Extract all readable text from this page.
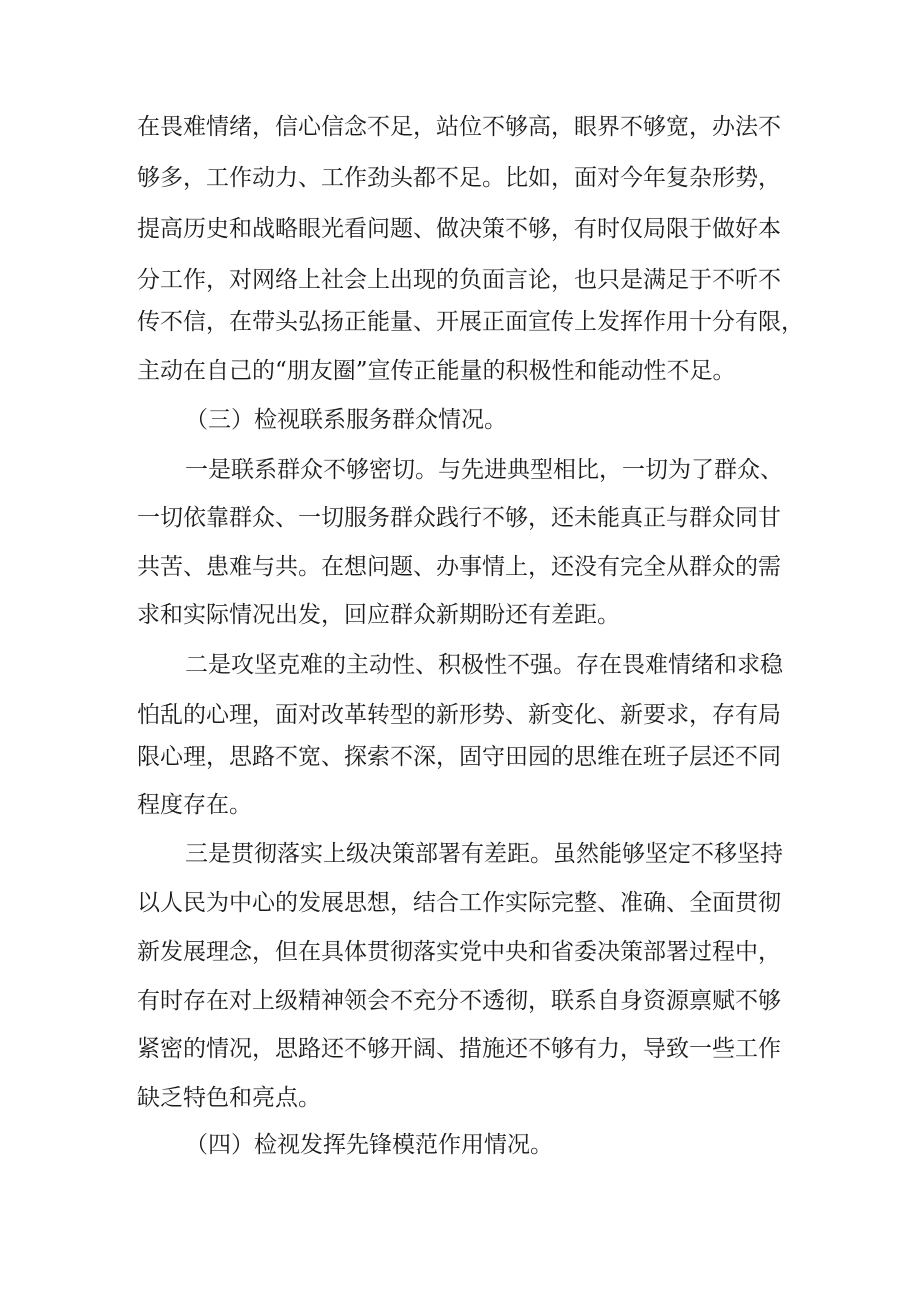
在畏难情绪，信心信念不足，站位不够高，眼界不够宽，办法不
够多，工作动力、工作劲头都不足。比如，面对今年复杂形势，
提高历史和战略眼光看问题、做决策不够，有时仅局限于做好本
分工作，对网络上社会上出现的负面言论，也只是满足于不听不
传不信，在带头弘扬正能量、开展正面宣传上发挥作用十分有限，
主动在自己的“朋友圈”宣传正能量的积极性和能动性不足。
（三）检视联系服务群众情况。
一是联系群众不够密切。与先进典型相比，一切为了群众、
一切依靠群众、一切服务群众践行不够，还未能真正与群众同甘
共苦、患难与共。在想问题、办事情上，还没有完全从群众的需
求和实际情况出发，回应群众新期盼还有差距。
二是攻坚克难的主动性、积极性不强。存在畏难情绪和求稳
怕乱的心理，面对改革转型的新形势、新变化、新要求，存有局
限心理，思路不宽、探索不深，固守田园的思维在班子层还不同
程度存在。
三是贯彻落实上级决策部署有差距。虽然能够坚定不移坚持
以人民为中心的发展思想，结合工作实际完整、准确、全面贯彻
新发展理念，但在具体贯彻落实党中央和省委决策部署过程中，
有时存在对上级精神领会不充分不透彻，联系自身资源禀赋不够
紧密的情况，思路还不够开阔、措施还不够有力，导致一些工作
缺乏特色和亮点。
（四）检视发挥先锋模范作用情况。
